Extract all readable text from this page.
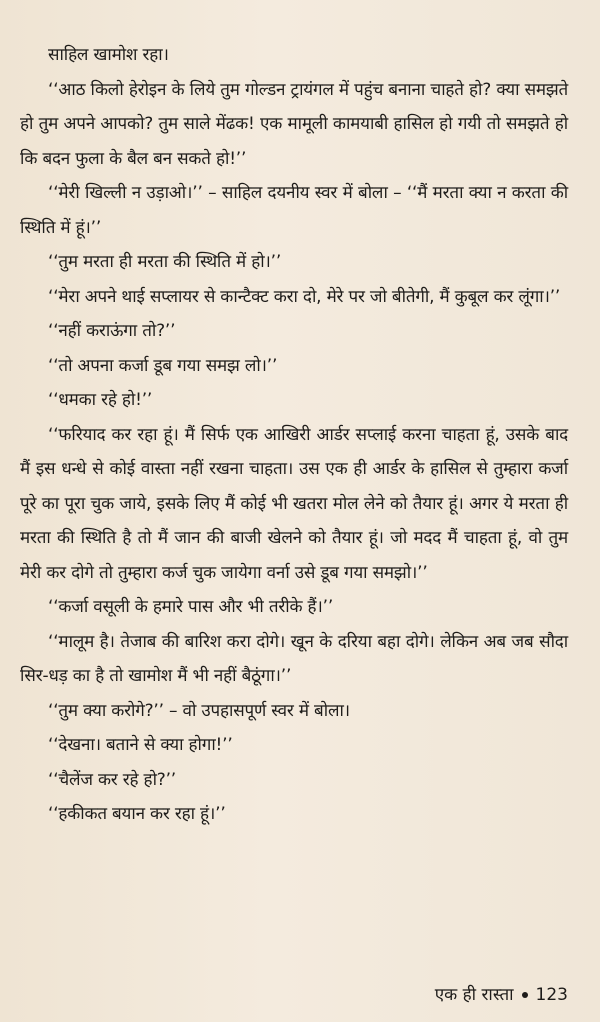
साहिल खामोश रहा।

‘‘आठ किलो हेरोइन के लिये तुम गोल्डन ट्रायंगल में पहुंच बनाना चाहते हो? क्या समझते हो तुम अपने आपको? तुम साले मेंढक! एक मामूली कामयाबी हासिल हो गयी तो समझते हो कि बदन फुला के बैल बन सकते हो!’’

‘‘मेरी खिल्ली न उड़ाओ।’’ – साहिल दयनीय स्वर में बोला – ‘‘मैं मरता क्या न करता की स्थिति में हूं।’’

‘‘तुम मरता ही मरता की स्थिति में हो।’’

‘‘मेरा अपने थाई सप्लायर से कान्टैक्ट करा दो, मेरे पर जो बीतेगी, मैं कुबूल कर लूंगा।’’

‘‘नहीं कराऊंगा तो?’’

‘‘तो अपना कर्जा डूब गया समझ लो।’’

‘‘धमका रहे हो!’’

‘‘फरियाद कर रहा हूं। मैं सिर्फ एक आखिरी आर्डर सप्लाई करना चाहता हूं, उसके बाद मैं इस धन्धे से कोई वास्ता नहीं रखना चाहता। उस एक ही आर्डर के हासिल से तुम्हारा कर्जा पूरे का पूरा चुक जाये, इसके लिए मैं कोई भी खतरा मोल लेने को तैयार हूं। अगर ये मरता ही मरता की स्थिति है तो मैं जान की बाजी खेलने को तैयार हूं। जो मदद मैं चाहता हूं, वो तुम मेरी कर दोगे तो तुम्हारा कर्ज चुक जायेगा वर्ना उसे डूब गया समझो।’’

‘‘कर्जा वसूली के हमारे पास और भी तरीके हैं।’’

‘‘मालूम है। तेजाब की बारिश करा दोगे। खून के दरिया बहा दोगे। लेकिन अब जब सौदा सिर-धड़ का है तो खामोश मैं भी नहीं बैठूंगा।’’

‘‘तुम क्या करोगे?’’ – वो उपहासपूर्ण स्वर में बोला।

‘‘देखना। बताने से क्या होगा!’’

‘‘चैलेंज कर रहे हो?’’

‘‘हकीकत बयान कर रहा हूं।’’

एक ही रास्ता 123
